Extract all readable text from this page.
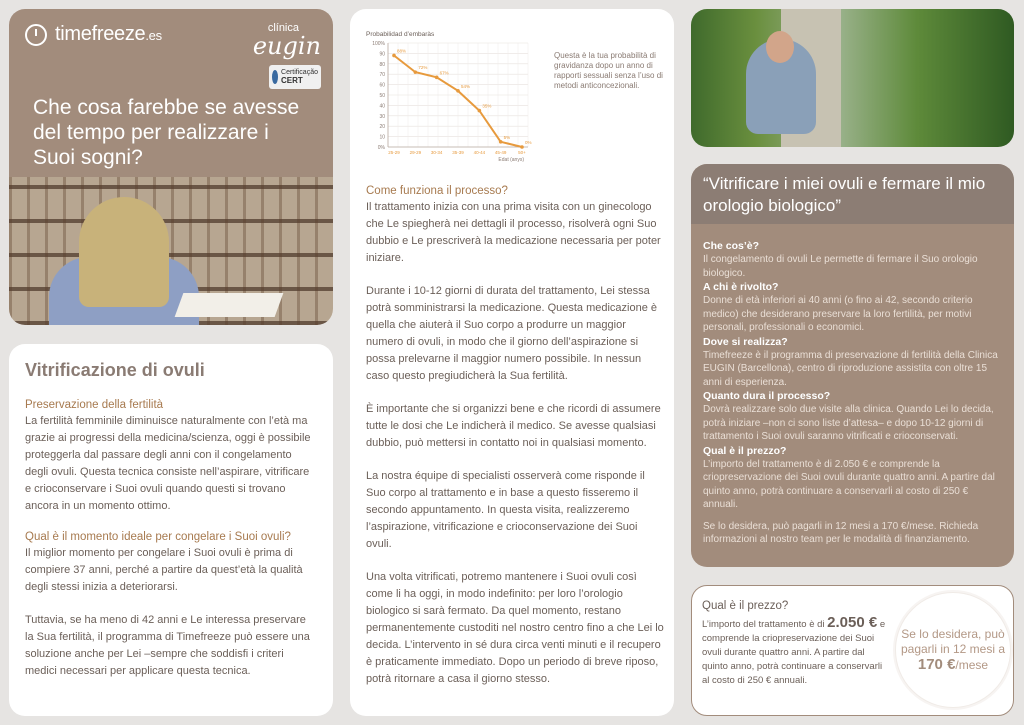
timefreeze.es	clínica
eugin
Certificação
CERT
Che cosa farebbe se avesse del tempo per realizzare i Suoi sogni?
Vitrificazione di ovuli
Preservazione della fertilità

La fertilità femminile diminuisce naturalmente con l’età ma grazie ai progressi della medicina/scienza, oggi è possibile proteggerla dal passare degli anni con il congelamento degli ovuli. Questa tecnica consiste nell’aspirare, vitrificare e crioconservare i Suoi ovuli quando questi si trovano ancora in un momento ottimo.

Qual è il momento ideale per congelare i Suoi ovuli?

Il miglior momento per congelare i Suoi ovuli è prima di compiere 37 anni, perché a partire da quest’età la qualità degli stessi inizia a deteriorarsi.

Tuttavia, se ha meno di 42 anni e Le interessa preservare la Sua fertilità, il programma di Timefreeze può essere una soluzione anche per Lei –sempre che soddisfi i criteri medici necessari per applicare questa tecnica.

Probabilidad d’embaràs
0%
10
20
30
40
50
60
70
80
90
100%
88%
25-29
72%
29-29
67%
30-34
54%
35-39
35%
40-44
5%
45-49
0%
50+
Edat (anys)

Questa è la tua probabilità di gravidanza dopo un anno di rapporti sessuali senza l’uso di metodi anticoncezionali.

Come funziona il processo?

Il trattamento inizia con una prima visita con un ginecologo che Le spiegherà nei dettagli il processo, risolverà ogni Suo dubbio e Le prescriverà la medicazione necessaria per poter iniziare.

Durante i 10-12 giorni di durata del trattamento, Lei stessa potrà somministrarsi la medicazione. Questa medicazione è quella che aiuterà il Suo corpo a produrre un maggior numero di ovuli, in modo che il giorno dell’aspirazione si possa prelevarne il maggior numero possibile. In nessun caso questo pregiudicherà la Sua fertilità.

È importante che si organizzi bene e che ricordi di assumere tutte le dosi che Le indicherà il medico. Se avesse qualsiasi dubbio, può mettersi in contatto noi in qualsiasi momento.

La nostra équipe di specialisti osserverà come risponde il Suo corpo al trattamento e in base a questo fisseremo il secondo appuntamento. In questa visita, realizzeremo l’aspirazione, vitrificazione e crioconservazione dei Suoi ovuli.

Una volta vitrificati, potremo mantenere i Suoi ovuli così come li ha oggi, in modo indefinito: per loro l’orologio biologico si sarà fermato. Da quel momento, restano permanentemente custoditi nel nostro centro fino a che Lei lo decida. L’intervento in sé dura circa venti minuti e il recupero è praticamente immediato. Dopo un periodo di breve riposo, potrà ritornare a casa il giorno stesso.

“Vitrificare i miei ovuli e fermare il mio orologio biologico”
Che cos’è?
Il congelamento di ovuli Le permette di fermare il Suo orologio biologico.
A chi è rivolto?
Donne di età inferiori ai 40 anni (o fino ai 42, secondo criterio medico) che desiderano preservare la loro fertilità, per motivi personali, professionali o economici.
Dove si realizza?
Timefreeze è il programma di preservazione di fertilità della Clinica EUGIN (Barcellona), centro di riproduzione assistita con oltre 15 anni di esperienza.
Quanto dura il processo?
Dovrà realizzare solo due visite alla clinica. Quando Lei lo decida, potrà iniziare –non ci sono liste d’attesa– e dopo 10-12 giorni di trattamento i Suoi ovuli saranno vitrificati e crioconservati.
Qual è il prezzo?
L’importo del trattamento è di 2.050 € e comprende la criopreservazione dei Suoi ovuli durante quattro anni. A partire dal quinto anno, potrà continuare a conservarli al costo di 250 € annuali.
Se lo desidera, può pagarli in 12 mesi a 170 €/mese. Richieda informazioni al nostro team per le modalità di finanziamento.
Qual è il prezzo?
L’importo del trattamento è di 2.050 € e comprende la criopreservazione dei Suoi ovuli durante quattro anni. A partire dal quinto anno, potrà continuare a conservarli al costo di 250 € annuali.
Se lo desidera, può pagarli in 12 mesi a
170 €/mese
